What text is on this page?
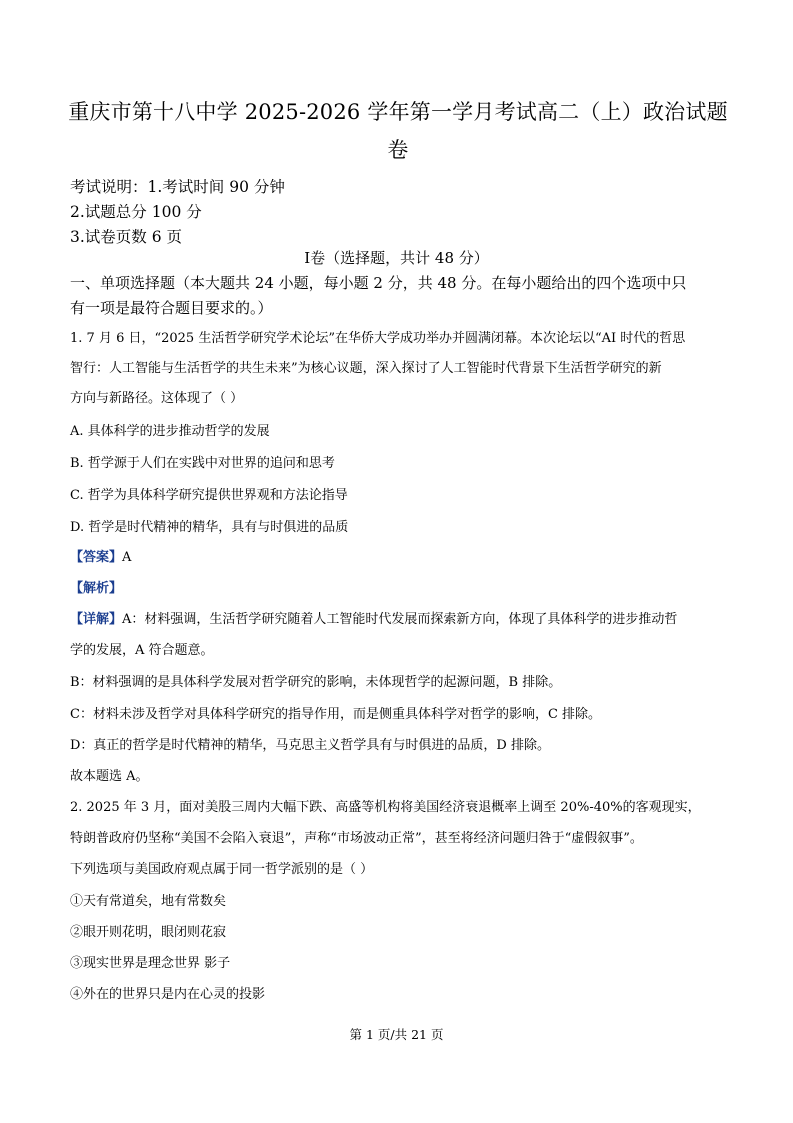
重庆市第十八中学 2025-2026 学年第一学月考试高二（上）政治试题
卷
考试说明：1.考试时间 90 分钟
2.试题总分 100 分
3.试卷页数 6 页
Ⅰ卷（选择题，共计 48 分）
一、单项选择题（本大题共 24 小题，每小题 2 分，共 48 分。在每小题给出的四个选项中只
有一项是最符合题目要求的。）
1. 7 月 6 日，“2025 生活哲学研究学术论坛”在华侨大学成功举办并圆满闭幕。本次论坛以“AI 时代的哲思
智行：人工智能与生活哲学的共生未来”为核心议题，深入探讨了人工智能时代背景下生活哲学研究的新
方向与新路径。这体现了（ ）
A. 具体科学的进步推动哲学的发展
B. 哲学源于人们在实践中对世界的追问和思考
C. 哲学为具体科学研究提供世界观和方法论指导
D. 哲学是时代精神的精华，具有与时俱进的品质
【答案】A
【解析】
【详解】A：材料强调，生活哲学研究随着人工智能时代发展而探索新方向，体现了具体科学的进步推动哲
学的发展，A 符合题意。
B：材料强调的是具体科学发展对哲学研究的影响，未体现哲学的起源问题，B 排除。
C：材料未涉及哲学对具体科学研究的指导作用，而是侧重具体科学对哲学的影响，C 排除。
D：真正的哲学是时代精神的精华，马克思主义哲学具有与时俱进的品质，D 排除。
故本题选 A。
2. 2025 年 3 月，面对美股三周内大幅下跌、高盛等机构将美国经济衰退概率上调至 20%-40%的客观现实，
特朗普政府仍坚称“美国不会陷入衰退”，声称“市场波动正常”，甚至将经济问题归咎于“虚假叙事”。
下列选项与美国政府观点属于同一哲学派别的是（ ）
①天有常道矣，地有常数矣
②眼开则花明，眼闭则花寂
③现实世界是理念世界 影子
④外在的世界只是内在心灵的投影
第 1 页/共 21 页
